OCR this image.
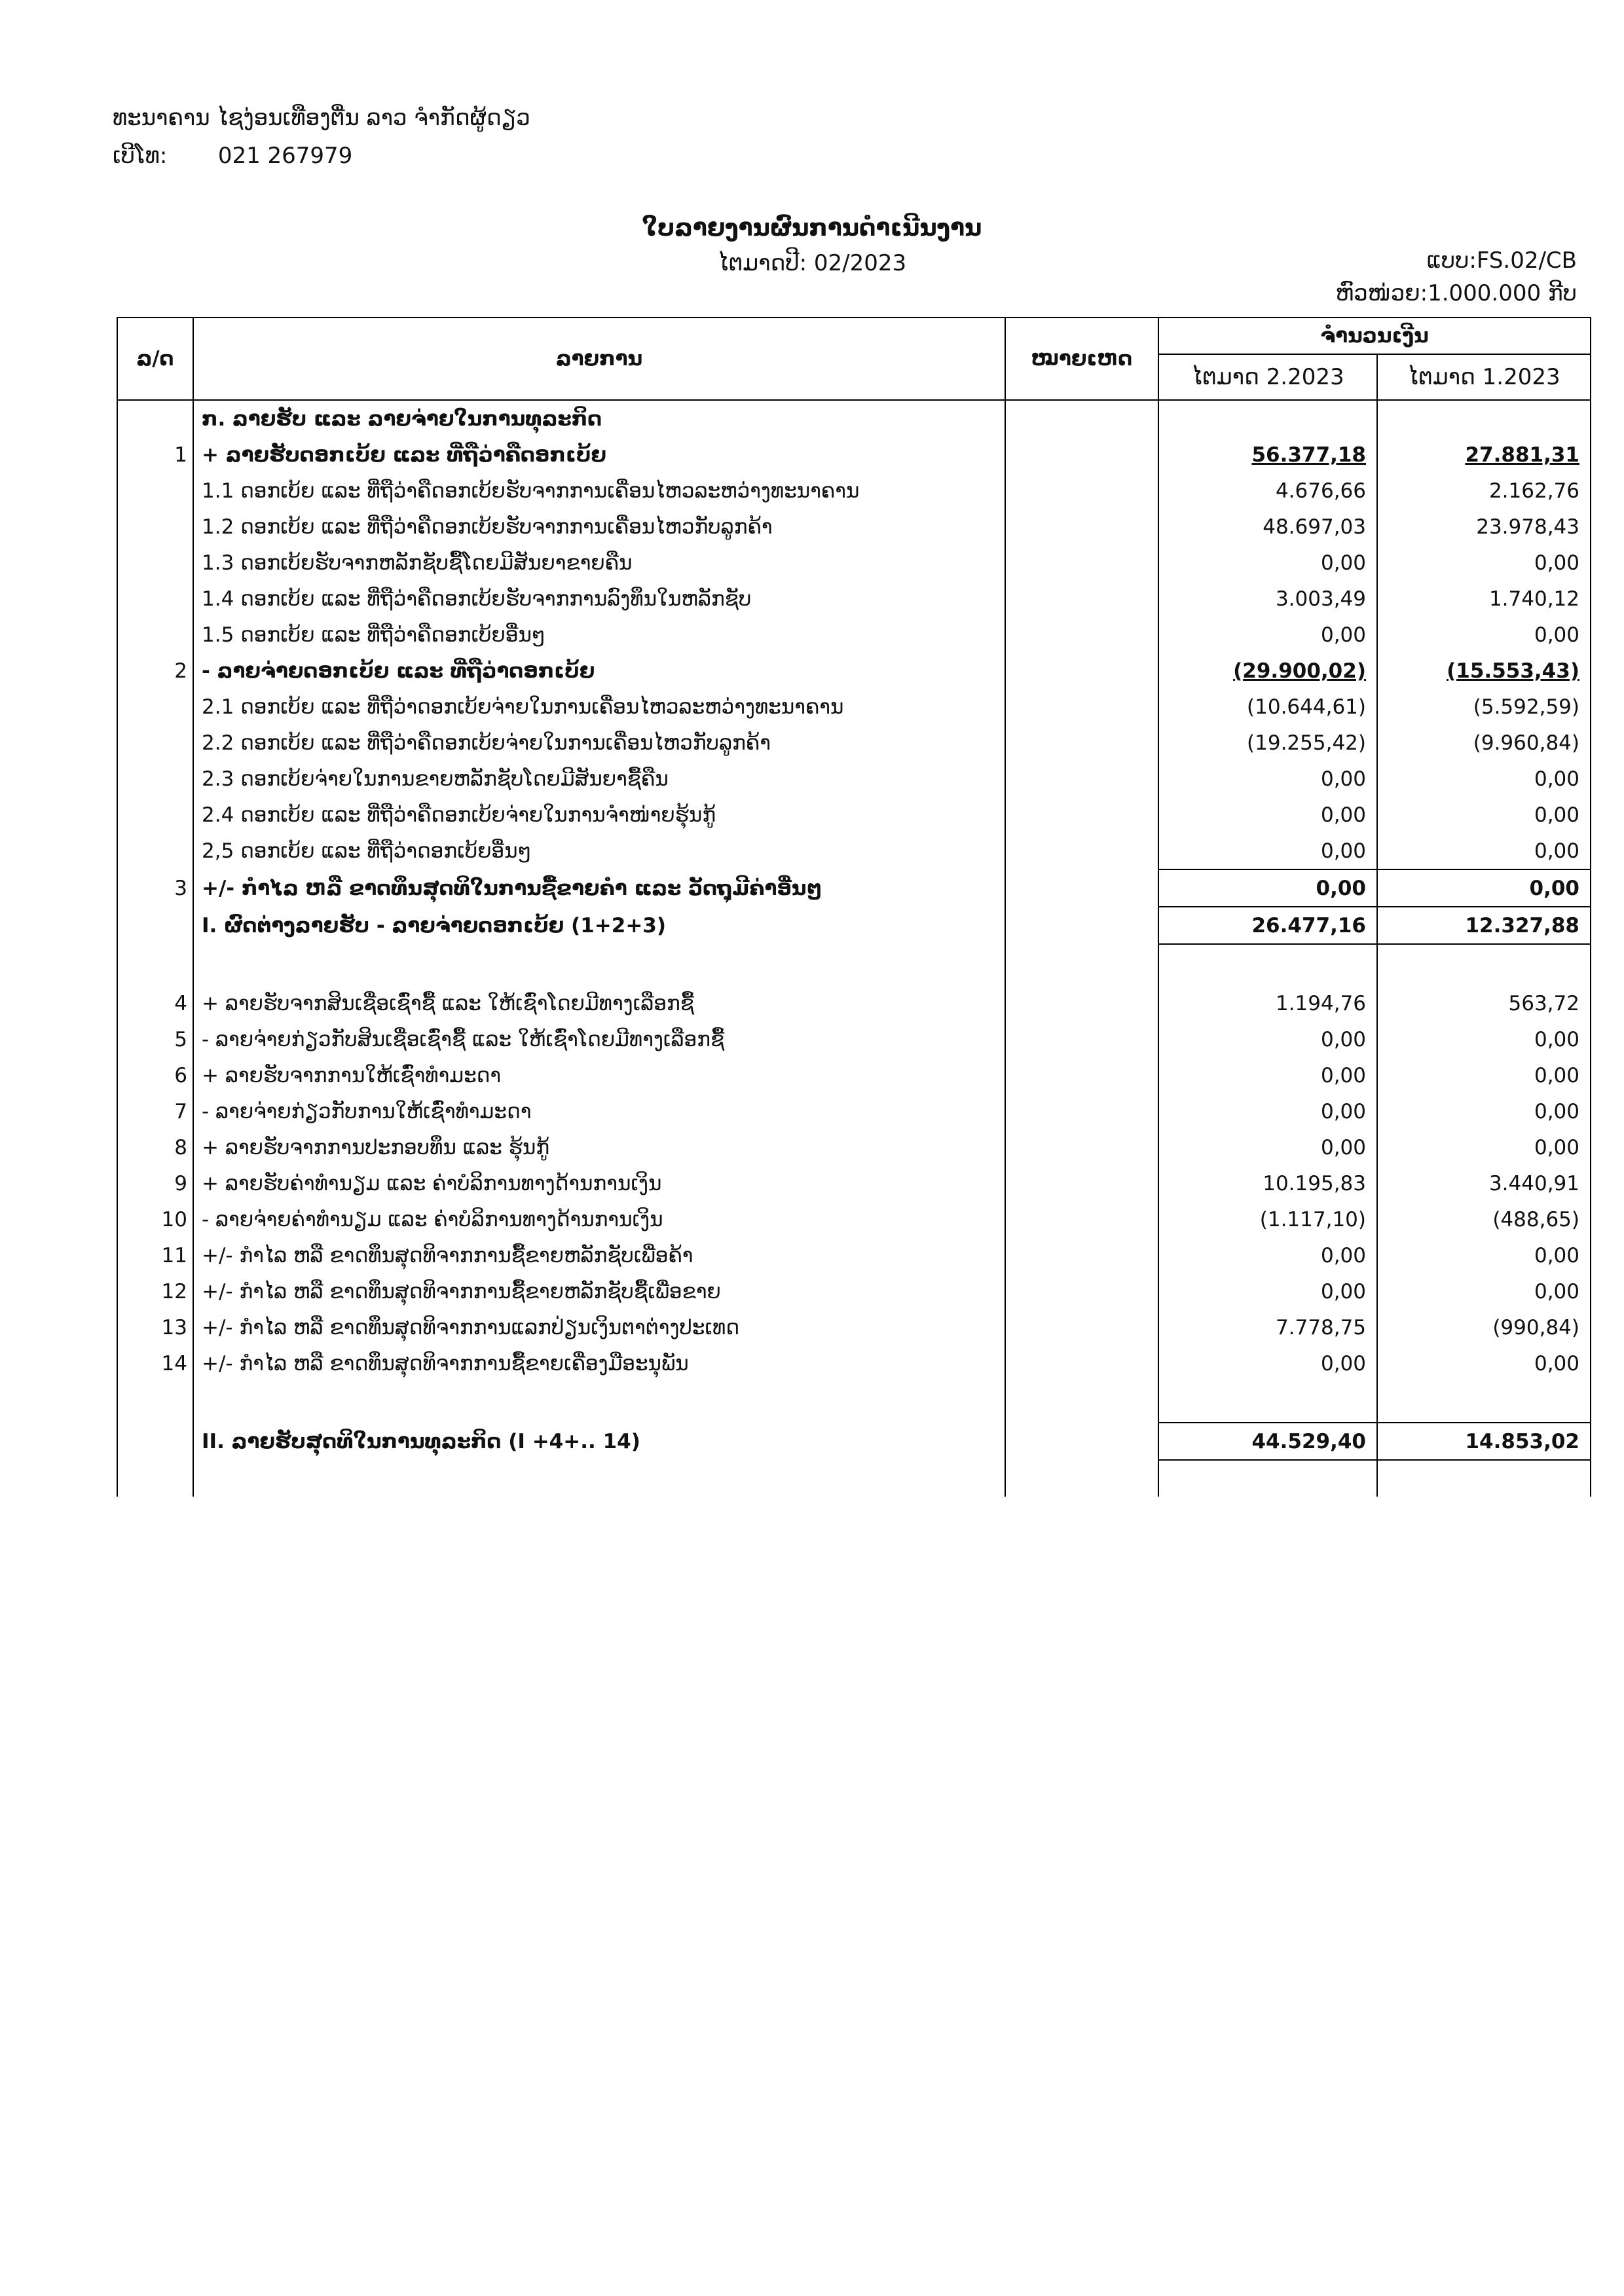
ທະນາຄານ ໄຊງ່ອນເທືອງຕື່ນ ລາວ ຈຳກັດຜູ້ດຽວ
ເບີໂທ: 021 267979
ໃບລາຍງານຜົນການດຳເນີນງານ
ໄຕມາດປີ: 02/2023	ແບບ:FS.02/CB
ຫົວໜ່ວຍ:1.000.000 ກີບ
ລ/ດ	ລາຍການ	ໝາຍເຫດ	ຈຳນວນເງີນ	
			ໄຕມາດ 2.2023	ໄຕມາດ 1.2023
	ກ. ລາຍຮັບ ແລະ ລາຍຈ່າຍໃນການທຸລະກິດ			
1	+ ລາຍຮັບດອກເບ້ຍ ແລະ ທີ່ຖືວ່າຄືດອກເບ້ຍ		56.377,18	27.881,31
	1.1 ດອກເບ້ຍ ແລະ ທີ່ຖືວ່າຄືດອກເບ້ຍຮັບຈາກການເຄື່ອນໄຫວລະຫວ່າງທະນາຄານ		4.676,66	2.162,76
	1.2 ດອກເບ້ຍ ແລະ ທີ່ຖືວ່າຄືດອກເບ້ຍຮັບຈາກການເຄື່ອນໄຫວກັບລູກຄ້າ		48.697,03	23.978,43
	1.3 ດອກເບ້ຍຮັບຈາກຫລັກຊັບຊື້ໂດຍມີສັນຍາຂາຍຄືນ		0,00	0,00
	1.4 ດອກເບ້ຍ ແລະ ທີ່ຖືວ່າຄືດອກເບ້ຍຮັບຈາກການລົງທຶນໃນຫລັກຊັບ		3.003,49	1.740,12
	1.5 ດອກເບ້ຍ ແລະ ທີ່ຖືວ່າຄືດອກເບ້ຍອື່ນໆ		0,00	0,00
2	- ລາຍຈ່າຍດອກເບ້ຍ ແລະ ທີ່ຖືວ່າດອກເບ້ຍ		(29.900,02)	(15.553,43)
	2.1 ດອກເບ້ຍ ແລະ ທີ່ຖືວ່າດອກເບ້ຍຈ່າຍໃນການເຄື່ອນໄຫວລະຫວ່າງທະນາຄານ		(10.644,61)	(5.592,59)
	2.2 ດອກເບ້ຍ ແລະ ທີ່ຖືວ່າຄືດອກເບ້ຍຈ່າຍໃນການເຄື່ອນໄຫວກັບລູກຄ້າ		(19.255,42)	(9.960,84)
	2.3 ດອກເບ້ຍຈ່າຍໃນການຂາຍຫລັກຊັບໂດຍມີສັນຍາຊື້ຄືນ		0,00	0,00
	2.4 ດອກເບ້ຍ ແລະ ທີ່ຖືວ່າຄືດອກເບ້ຍຈ່າຍໃນການຈຳໜ່າຍຮຸ້ນກູ້		0,00	0,00
	2,5 ດອກເບ້ຍ ແລະ ທີ່ຖືວ່າດອກເບ້ຍອື່ນໆ		0,00	0,00
3	+/- ກຳໄລ ຫລື ຂາດທຶນສຸດທິໃນການຊື້ຂາຍຄຳ ແລະ ວັດຖຸມີຄ່າອື່ນໆ		0,00	0,00
	I. ຜົດຕ່າງລາຍຮັບ - ລາຍຈ່າຍດອກເບ້ຍ (1+2+3)		26.477,16	12.327,88

4	+ ລາຍຮັບຈາກສິນເຊື່ອເຊົ່າຊື້ ແລະ ໃຫ້ເຊົ່າໂດຍມີທາງເລືອກຊື້		1.194,76	563,72
5	- ລາຍຈ່າຍກ່ຽວກັບສິນເຊື່ອເຊົ່າຊື້ ແລະ ໃຫ້ເຊົ່າໂດຍມີທາງເລືອກຊື້		0,00	0,00
6	+ ລາຍຮັບຈາກການໃຫ້ເຊົ່າທຳມະດາ		0,00	0,00
7	- ລາຍຈ່າຍກ່ຽວກັບການໃຫ້ເຊົ່າທຳມະດາ		0,00	0,00
8	+ ລາຍຮັບຈາກການປະກອບທຶນ ແລະ ຮຸ້ນກູ້		0,00	0,00
9	+ ລາຍຮັບຄ່າທຳນຽມ ແລະ ຄ່າບໍລິການທາງດ້ານການເງິນ		10.195,83	3.440,91
10	- ລາຍຈ່າຍຄ່າທຳນຽມ ແລະ ຄ່າບໍລິການທາງດ້ານການເງິນ		(1.117,10)	(488,65)
11	+/- ກຳໄລ ຫລື ຂາດທຶນສຸດທິຈາກການຊື້ຂາຍຫລັກຊັບເພື່ອຄ້າ		0,00	0,00
12	+/- ກຳໄລ ຫລື ຂາດທຶນສຸດທິຈາກການຊື້ຂາຍຫລັກຊັບຊື້ເພື່ອຂາຍ		0,00	0,00
13	+/- ກຳໄລ ຫລື ຂາດທຶນສຸດທິຈາກການແລກປ່ຽນເງິນຕາຕ່າງປະເທດ		7.778,75	(990,84)
14	+/- ກຳໄລ ຫລື ຂາດທຶນສຸດທິຈາກການຊື້ຂາຍເຄື່ອງມືອະນຸພັນ		0,00	0,00

	II. ລາຍຮັບສຸດທິໃນການທຸລະກິດ (I +4+.. 14)		44.529,40	14.853,02
